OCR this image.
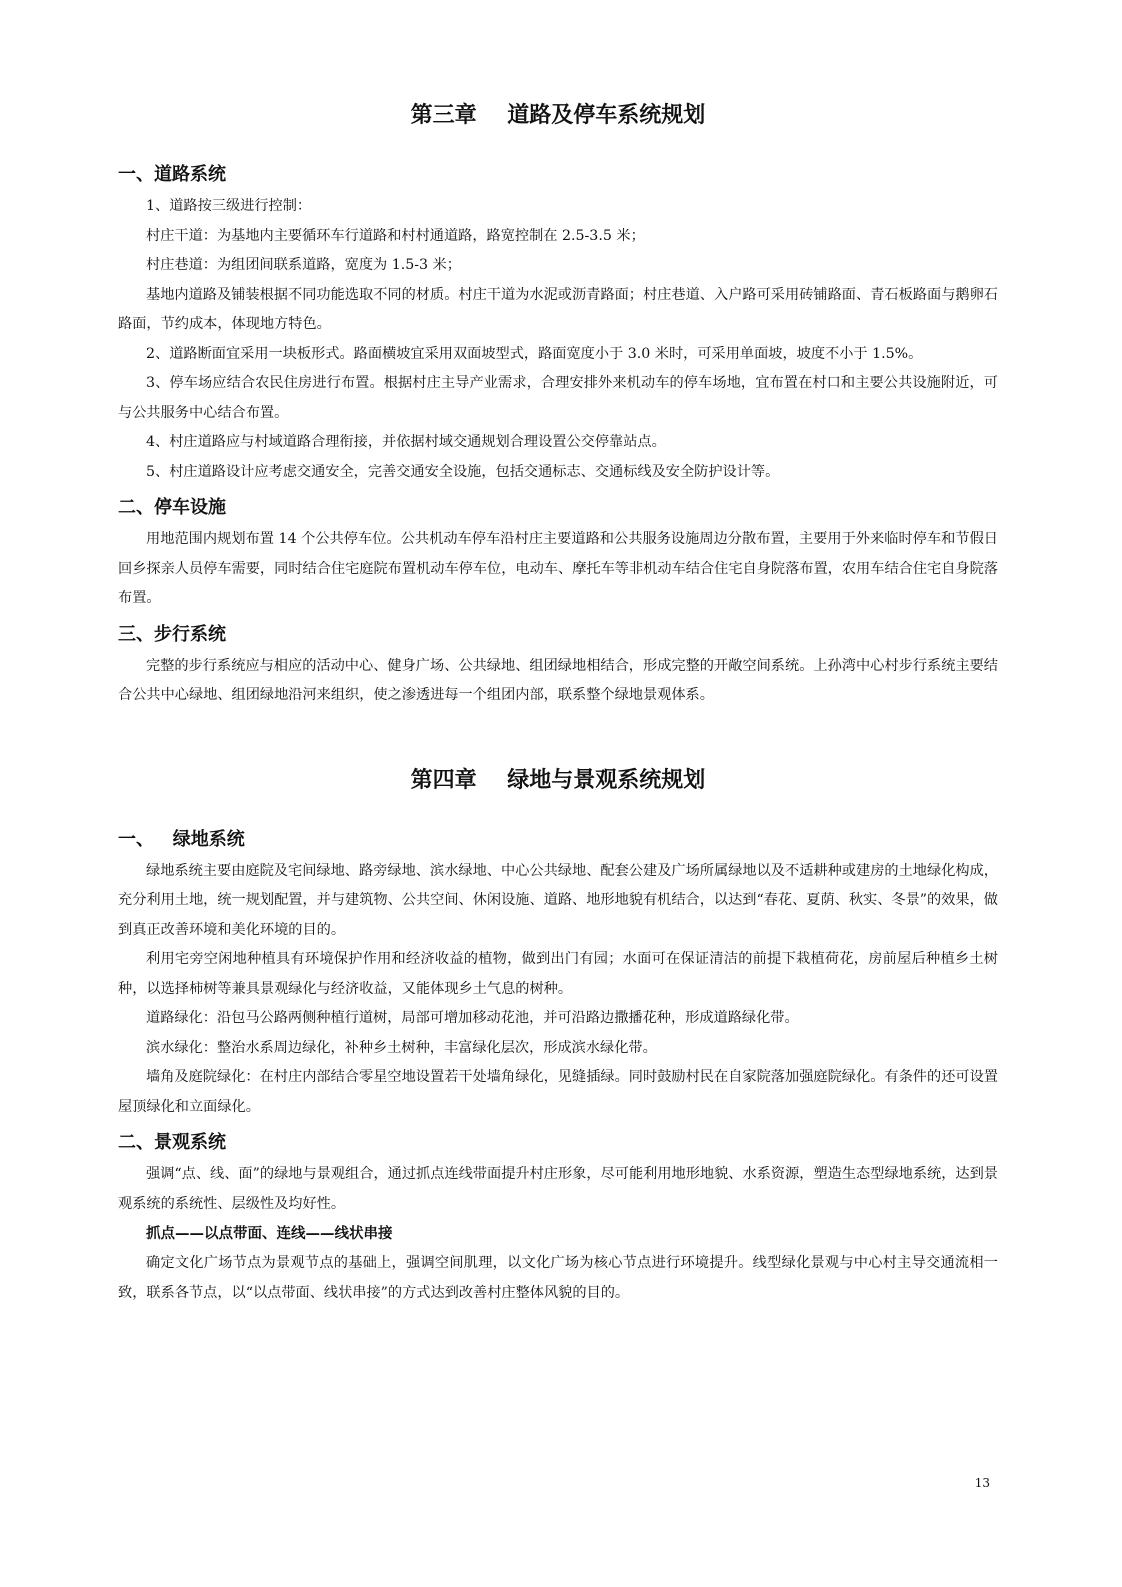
第三章    道路及停车系统规划
一、道路系统

1、道路按三级进行控制：

村庄干道：为基地内主要循环车行道路和村村通道路，路宽控制在 2.5-3.5 米；

村庄巷道：为组团间联系道路，宽度为 1.5-3 米；

基地内道路及铺装根据不同功能选取不同的材质。村庄干道为水泥或沥青路面；村庄巷道、入户路可采用砖铺路面、青石板路面与鹅卵石路面，节约成本，体现地方特色。

2、道路断面宜采用一块板形式。路面横坡宜采用双面坡型式，路面宽度小于 3.0 米时，可采用单面坡，坡度不小于 1.5%。

3、停车场应结合农民住房进行布置。根据村庄主导产业需求，合理安排外来机动车的停车场地，宜布置在村口和主要公共设施附近，可与公共服务中心结合布置。

4、村庄道路应与村域道路合理衔接，并依据村域交通规划合理设置公交停靠站点。

5、村庄道路设计应考虑交通安全，完善交通安全设施，包括交通标志、交通标线及安全防护设计等。

二、停车设施

用地范围内规划布置 14 个公共停车位。公共机动车停车沿村庄主要道路和公共服务设施周边分散布置，主要用于外来临时停车和节假日回乡探亲人员停车需要，同时结合住宅庭院布置机动车停车位，电动车、摩托车等非机动车结合住宅自身院落布置，农用车结合住宅自身院落布置。

三、步行系统

完整的步行系统应与相应的活动中心、健身广场、公共绿地、组团绿地相结合，形成完整的开敞空间系统。上孙湾中心村步行系统主要结合公共中心绿地、组团绿地沿河来组织，使之渗透进每一个组团内部，联系整个绿地景观体系。

第四章    绿地与景观系统规划
一、   绿地系统

绿地系统主要由庭院及宅间绿地、路旁绿地、滨水绿地、中心公共绿地、配套公建及广场所属绿地以及不适耕种或建房的土地绿化构成，充分利用土地，统一规划配置，并与建筑物、公共空间、休闲设施、道路、地形地貌有机结合，以达到“春花、夏荫、秋实、冬景”的效果，做到真正改善环境和美化环境的目的。

利用宅旁空闲地种植具有环境保护作用和经济收益的植物，做到出门有园；水面可在保证清洁的前提下栽植荷花，房前屋后种植乡土树种，以选择柿树等兼具景观绿化与经济收益，又能体现乡土气息的树种。

道路绿化：沿包马公路两侧种植行道树，局部可增加移动花池，并可沿路边撒播花种，形成道路绿化带。

滨水绿化：整治水系周边绿化，补种乡土树种，丰富绿化层次，形成滨水绿化带。

墙角及庭院绿化：在村庄内部结合零星空地设置若干处墙角绿化，见缝插绿。同时鼓励村民在自家院落加强庭院绿化。有条件的还可设置屋顶绿化和立面绿化。

二、景观系统

强调“点、线、面”的绿地与景观组合，通过抓点连线带面提升村庄形象，尽可能利用地形地貌、水系资源，塑造生态型绿地系统，达到景观系统的系统性、层级性及均好性。

抓点——以点带面、连线——线状串接

确定文化广场节点为景观节点的基础上，强调空间肌理，以文化广场为核心节点进行环境提升。线型绿化景观与中心村主导交通流相一致，联系各节点，以“以点带面、线状串接”的方式达到改善村庄整体风貌的目的。

13
